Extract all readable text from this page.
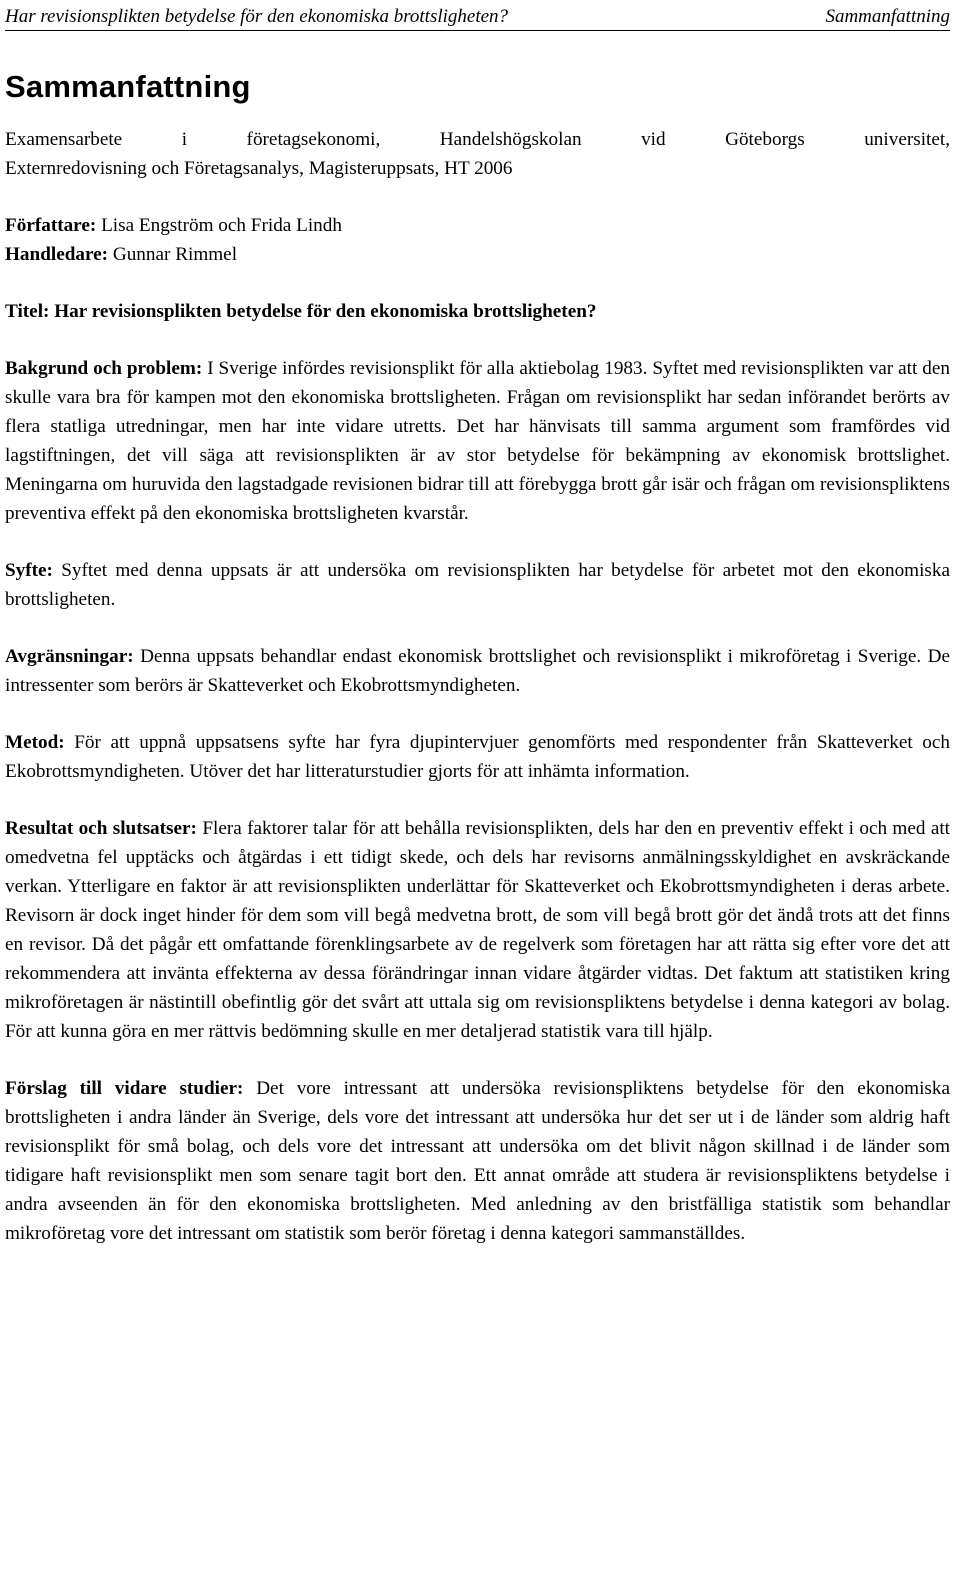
Har revisionsplikten betydelse för den ekonomiska brottsligheten?	Sammanfattning
Sammanfattning

Examensarbete i företagsekonomi, Handelshögskolan vid Göteborgs universitet,

Externredovisning och Företagsanalys, Magisteruppsats, HT 2006

Författare: Lisa Engström och Frida Lindh

Handledare: Gunnar Rimmel

Titel: Har revisionsplikten betydelse för den ekonomiska brottsligheten?

Bakgrund och problem: I Sverige infördes revisionsplikt för alla aktiebolag 1983. Syftet med revisionsplikten var att den skulle vara bra för kampen mot den ekonomiska brottsligheten. Frågan om revisionsplikt har sedan införandet berörts av flera statliga utredningar, men har inte vidare utretts. Det har hänvisats till samma argument som framfördes vid lagstiftningen, det vill säga att revisionsplikten är av stor betydelse för bekämpning av ekonomisk brottslighet. Meningarna om huruvida den lagstadgade revisionen bidrar till att förebygga brott går isär och frågan om revisionspliktens preventiva effekt på den ekonomiska brottsligheten kvarstår.

Syfte: Syftet med denna uppsats är att undersöka om revisionsplikten har betydelse för arbetet mot den ekonomiska brottsligheten.

Avgränsningar: Denna uppsats behandlar endast ekonomisk brottslighet och revisionsplikt i mikroföretag i Sverige. De intressenter som berörs är Skatteverket och Ekobrottsmyndigheten.

Metod: För att uppnå uppsatsens syfte har fyra djupintervjuer genomförts med respondenter från Skatteverket och Ekobrottsmyndigheten. Utöver det har litteraturstudier gjorts för att inhämta information.

Resultat och slutsatser: Flera faktorer talar för att behålla revisionsplikten, dels har den en preventiv effekt i och med att omedvetna fel upptäcks och åtgärdas i ett tidigt skede, och dels har revisorns anmälningsskyldighet en avskräckande verkan. Ytterligare en faktor är att revisionsplikten underlättar för Skatteverket och Ekobrottsmyndigheten i deras arbete. Revisorn är dock inget hinder för dem som vill begå medvetna brott, de som vill begå brott gör det ändå trots att det finns en revisor. Då det pågår ett omfattande förenklingsarbete av de regelverk som företagen har att rätta sig efter vore det att rekommendera att invänta effekterna av dessa förändringar innan vidare åtgärder vidtas. Det faktum att statistiken kring mikroföretagen är nästintill obefintlig gör det svårt att uttala sig om revisionspliktens betydelse i denna kategori av bolag. För att kunna göra en mer rättvis bedömning skulle en mer detaljerad statistik vara till hjälp.

Förslag till vidare studier: Det vore intressant att undersöka revisionspliktens betydelse för den ekonomiska brottsligheten i andra länder än Sverige, dels vore det intressant att undersöka hur det ser ut i de länder som aldrig haft revisionsplikt för små bolag, och dels vore det intressant att undersöka om det blivit någon skillnad i de länder som tidigare haft revisionsplikt men som senare tagit bort den. Ett annat område att studera är revisionspliktens betydelse i andra avseenden än för den ekonomiska brottsligheten. Med anledning av den bristfälliga statistik som behandlar mikroföretag vore det intressant om statistik som berör företag i denna kategori sammanställdes.
